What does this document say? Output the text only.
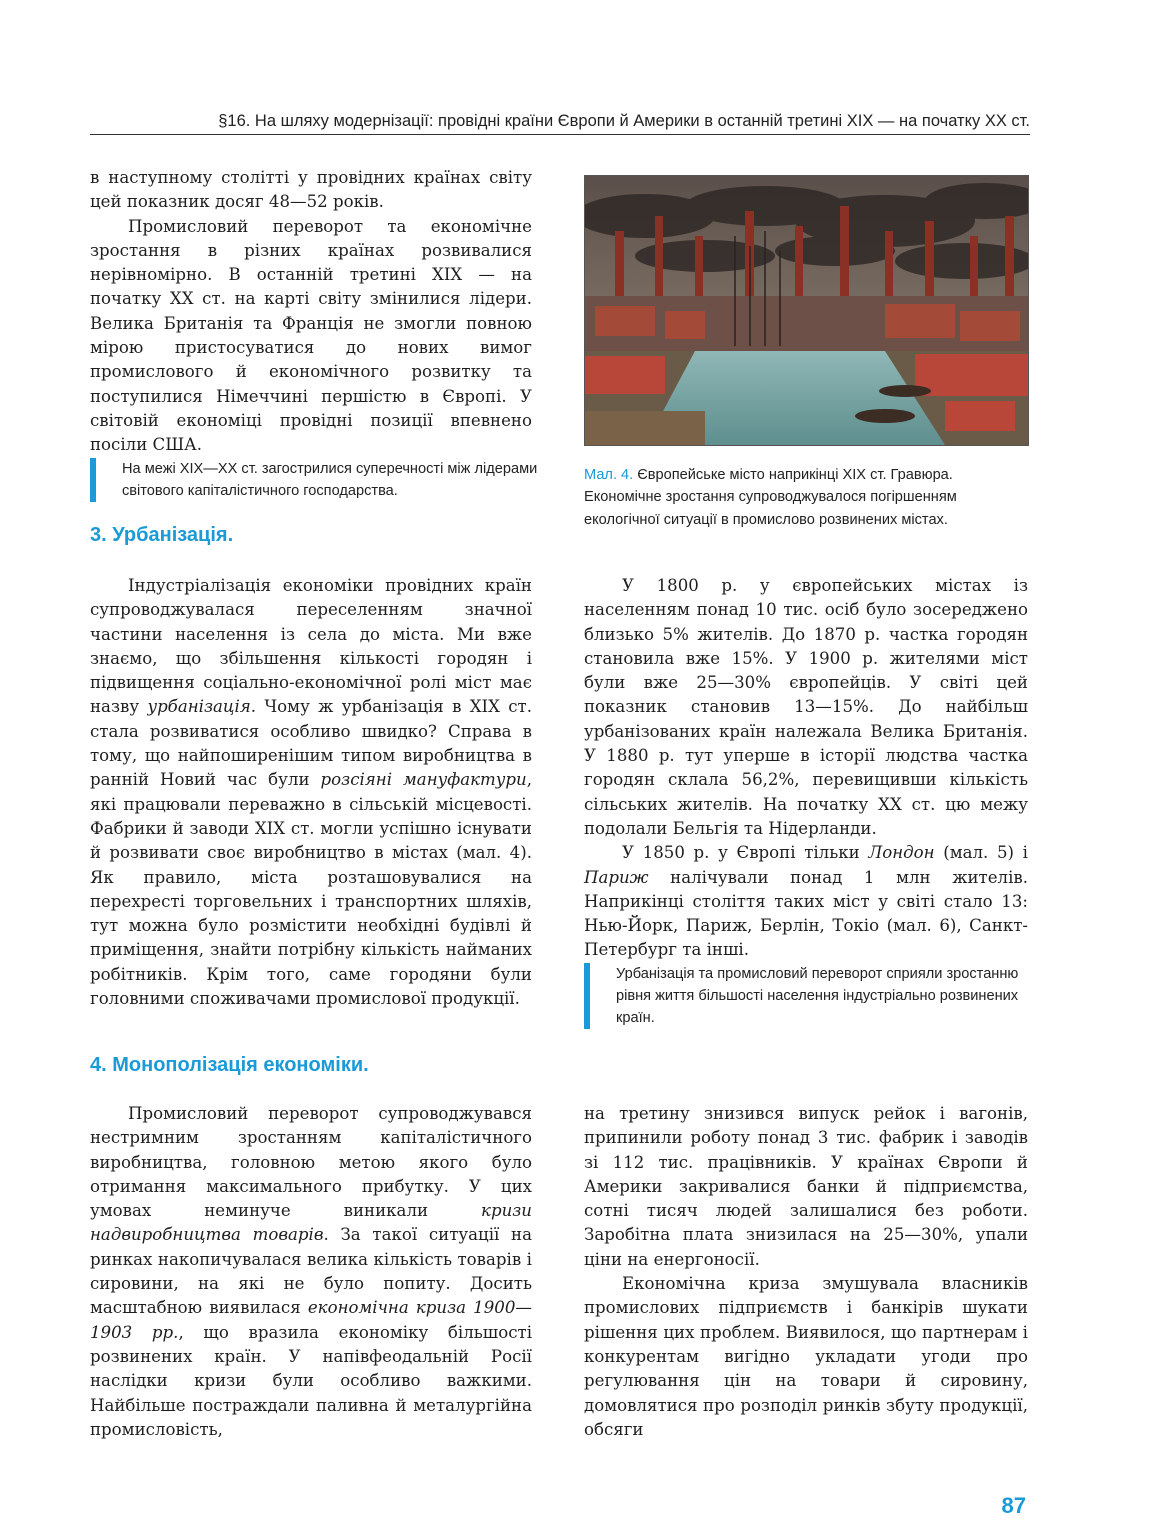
§16. На шляху модернізації: провідні країни Європи й Америки в останній третині XIX — на початку XX ст.

в наступному столітті у провідних країнах світу цей показник досяг 48—52 років.

Промисловий переворот та економічне зростання в різних країнах розвивалися нерівномірно. В останній третині XIX — на початку XX ст. на карті світу змінилися лідери. Велика Британія та Франція не змогли повною мірою пристосуватися до нових вимог промислового й економічного розвитку та поступилися Німеччині першістю в Європі. У світовій економіці провідні позиції впевнено посіли США.

На межі XIX—XX ст. загострилися суперечності між лідерами світового капіталістичного господарства.
Мал. 4. Європейське місто наприкінці XIX ст. Гравюра. Економічне зростання супроводжувалося погіршенням екологічної ситуації в промислово розвинених містах.
3. Урбанізація.

Індустріалізація економіки провідних країн супроводжувалася переселенням значної частини населення із села до міста. Ми вже знаємо, що збільшення кількості городян і підвищення соціально-економічної ролі міст має назву урбанізація. Чому ж урбанізація в XIX ст. стала розвиватися особливо швидко? Справа в тому, що найпоширенішим типом виробництва в ранній Новий час були розсіяні мануфактури, які працювали переважно в сільській місцевості. Фабрики й заводи XIX ст. могли успішно існувати й розвивати своє виробництво в містах (мал. 4). Як правило, міста розташовувалися на перехресті торговельних і транспортних шляхів, тут можна було розмістити необхідні будівлі й приміщення, знайти потрібну кількість найманих робітників. Крім того, саме городяни були головними споживачами промислової продукції.

У 1800 р. у європейських містах із населенням понад 10 тис. осіб було зосереджено близько 5% жителів. До 1870 р. частка городян становила вже 15%. У 1900 р. жителями міст були вже 25—30% європейців. У світі цей показник становив 13—15%. До найбільш урбанізованих країн належала Велика Британія. У 1880 р. тут уперше в історії людства частка городян склала 56,2%, перевищивши кількість сільських жителів. На початку XX ст. цю межу подолали Бельгія та Нідерланди.

У 1850 р. у Європі тільки Лондон (мал. 5) і Париж налічували понад 1 млн жителів. Наприкінці століття таких міст у світі стало 13: Нью-Йорк, Париж, Берлін, Токіо (мал. 6), Санкт-Петербург та інші.

Урбанізація та промисловий переворот сприяли зростанню рівня життя більшості населення індустріально розвинених країн.
4. Монополізація економіки.

Промисловий переворот супроводжувався нестримним зростанням капіталістичного виробництва, головною метою якого було отримання максимального прибутку. У цих умовах неминуче виникали кризи надвиробництва товарів. За такої ситуації на ринках накопичувалася велика кількість товарів і сировини, на які не було попиту. Досить масштабною виявилася економічна криза 1900—1903 рр., що вразила економіку більшості розвинених країн. У напівфеодальній Росії наслідки кризи були особливо важкими. Найбільше постраждали паливна й металургійна промисловість,

на третину знизився випуск рейок і вагонів, припинили роботу понад 3 тис. фабрик і заводів зі 112 тис. працівників. У країнах Європи й Америки закривалися банки й підприємства, сотні тисяч людей залишалися без роботи. Заробітна плата знизилася на 25—30%, упали ціни на енергоносії.

Економічна криза змушувала власників промислових підприємств і банкірів шукати рішення цих проблем. Виявилося, що партнерам і конкурентам вигідно укладати угоди про регулювання цін на товари й сировину, домовлятися про розподіл ринків збуту продукції, обсяги

87
